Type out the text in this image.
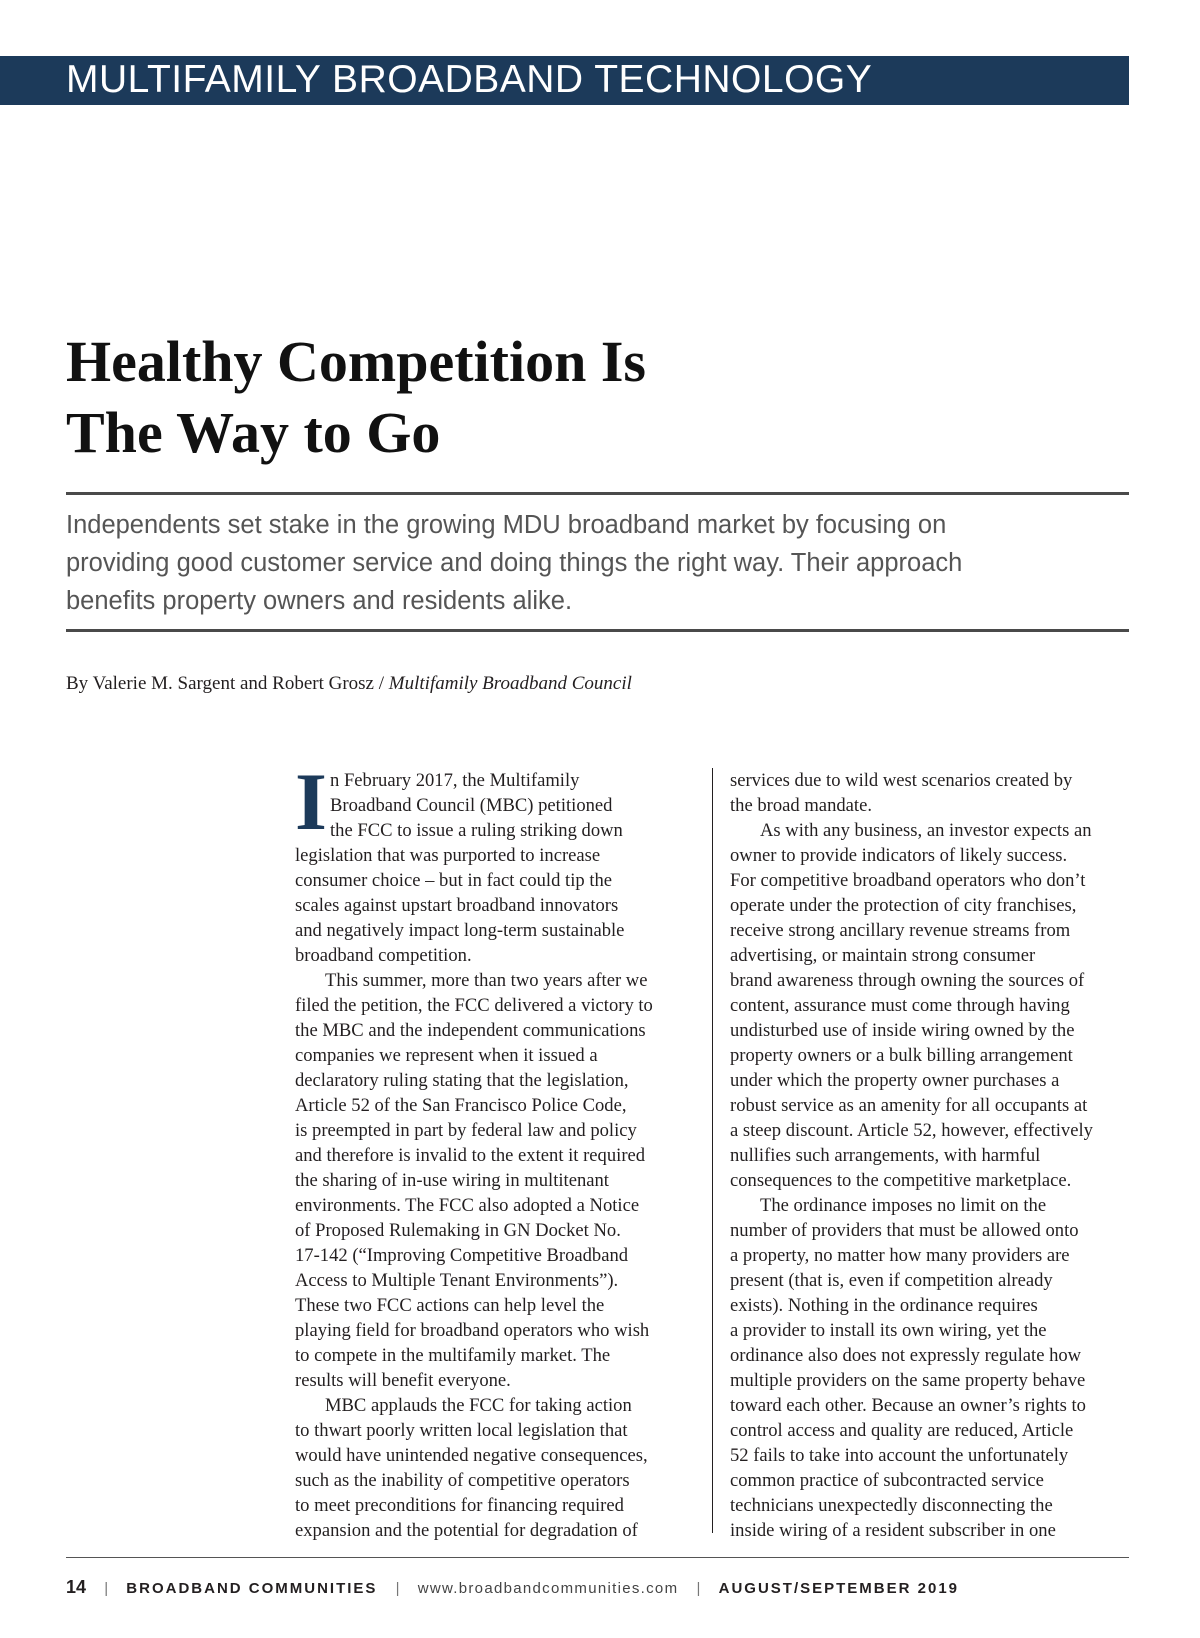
MULTIFAMILY BROADBAND TECHNOLOGY
Healthy Competition Is
The Way to Go

Independents set stake in the growing MDU broadband market by focusing on
providing good customer service and doing things the right way. Their approach
benefits property owners and residents alike.

By Valerie M. Sargent and Robert Grosz / Multifamily Broadband Council

I n February 2017, the Multifamily
Broadband Council (MBC) petitioned
the FCC to issue a ruling striking down
legislation that was purported to increase
consumer choice – but in fact could tip the
scales against upstart broadband innovators
and negatively impact long-term sustainable
broadband competition.
This summer, more than two years after we
filed the petition, the FCC delivered a victory to
the MBC and the independent communications
companies we represent when it issued a
declaratory ruling stating that the legislation,
Article 52 of the San Francisco Police Code,
is preempted in part by federal law and policy
and therefore is invalid to the extent it required
the sharing of in-use wiring in multitenant
environments. The FCC also adopted a Notice
of Proposed Rulemaking in GN Docket No.
17-142 (“Improving Competitive Broadband
Access to Multiple Tenant Environments”).
These two FCC actions can help level the
playing field for broadband operators who wish
to compete in the multifamily market. The
results will benefit everyone.
MBC applauds the FCC for taking action
to thwart poorly written local legislation that
would have unintended negative consequences,
such as the inability of competitive operators
to meet preconditions for financing required
expansion and the potential for degradation of
services due to wild west scenarios created by
the broad mandate.
As with any business, an investor expects an
owner to provide indicators of likely success.
For competitive broadband operators who don’t
operate under the protection of city franchises,
receive strong ancillary revenue streams from
advertising, or maintain strong consumer
brand awareness through owning the sources of
content, assurance must come through having
undisturbed use of inside wiring owned by the
property owners or a bulk billing arrangement
under which the property owner purchases a
robust service as an amenity for all occupants at
a steep discount. Article 52, however, effectively
nullifies such arrangements, with harmful
consequences to the competitive marketplace.
The ordinance imposes no limit on the
number of providers that must be allowed onto
a property, no matter how many providers are
present (that is, even if competition already
exists). Nothing in the ordinance requires
a provider to install its own wiring, yet the
ordinance also does not expressly regulate how
multiple providers on the same property behave
toward each other. Because an owner’s rights to
control access and quality are reduced, Article
52 fails to take into account the unfortunately
common practice of subcontracted service
technicians unexpectedly disconnecting the
inside wiring of a resident subscriber in one
14 | BROADBAND COMMUNITIES | www.broadbandcommunities.com | AUGUST/SEPTEMBER 2019
